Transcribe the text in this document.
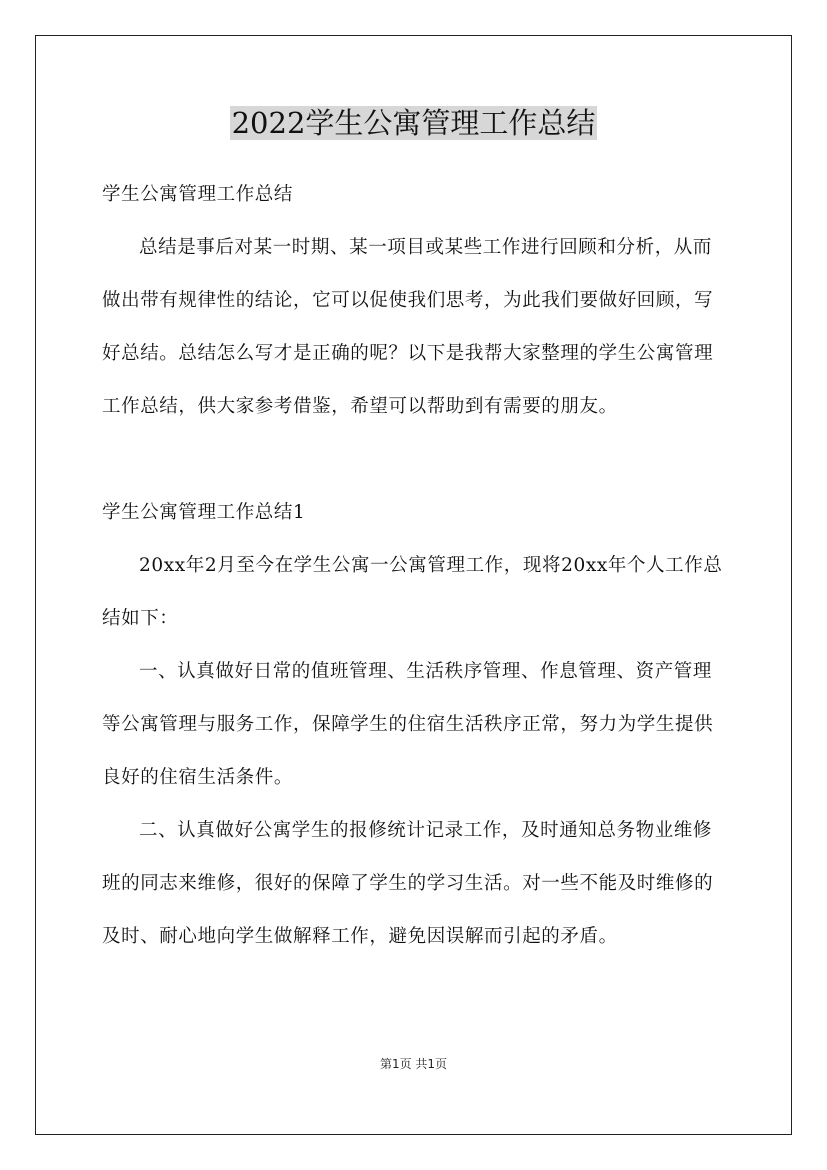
2022学生公寓管理工作总结

学生公寓管理工作总结

总结是事后对某一时期、某一项目或某些工作进行回顾和分析，从而做出带有规律性的结论，它可以促使我们思考，为此我们要做好回顾，写好总结。总结怎么写才是正确的呢？以下是我帮大家整理的学生公寓管理工作总结，供大家参考借鉴，希望可以帮助到有需要的朋友。

学生公寓管理工作总结1

20xx年2月至今在学生公寓一公寓管理工作，现将20xx年个人工作总结如下：

一、认真做好日常的值班管理、生活秩序管理、作息管理、资产管理等公寓管理与服务工作，保障学生的住宿生活秩序正常，努力为学生提供良好的住宿生活条件。

二、认真做好公寓学生的报修统计记录工作，及时通知总务物业维修班的同志来维修，很好的保障了学生的学习生活。对一些不能及时维修的及时、耐心地向学生做解释工作，避免因误解而引起的矛盾。

第1页 共1页
